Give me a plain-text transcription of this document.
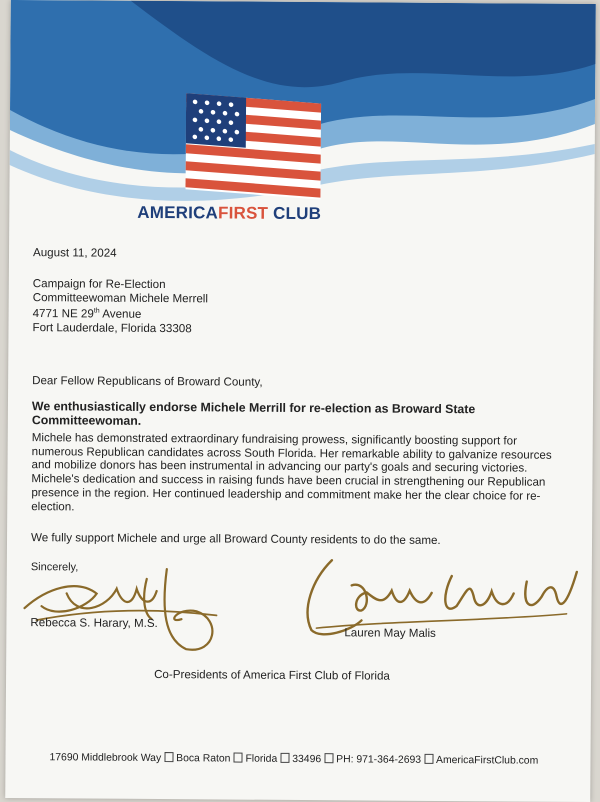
AMERICAFIRST CLUB
August 11, 2024
Campaign for Re-Election
Committeewoman Michele Merrell
4771 NE 29th Avenue
Fort Lauderdale, Florida 33308
Dear Fellow Republicans of Broward County,
We enthusiastically endorse Michele Merrill for re-election as Broward State Committeewoman.
Michele has demonstrated extraordinary fundraising prowess, significantly boosting support for numerous Republican candidates across South Florida. Her remarkable ability to galvanize resources and mobilize donors has been instrumental in advancing our party's goals and securing victories. Michele's dedication and success in raising funds have been crucial in strengthening our Republican presence in the region. Her continued leadership and commitment make her the clear choice for re-election.
We fully support Michele and urge all Broward County residents to do the same.
Sincerely,
Rebecca S. Harary, M.S.
Lauren May Malis
Co-Presidents of America First Club of Florida
17690 Middlebrook Way Boca Raton Florida 33496 PH: 971-364-2693 AmericaFirstClub.com
